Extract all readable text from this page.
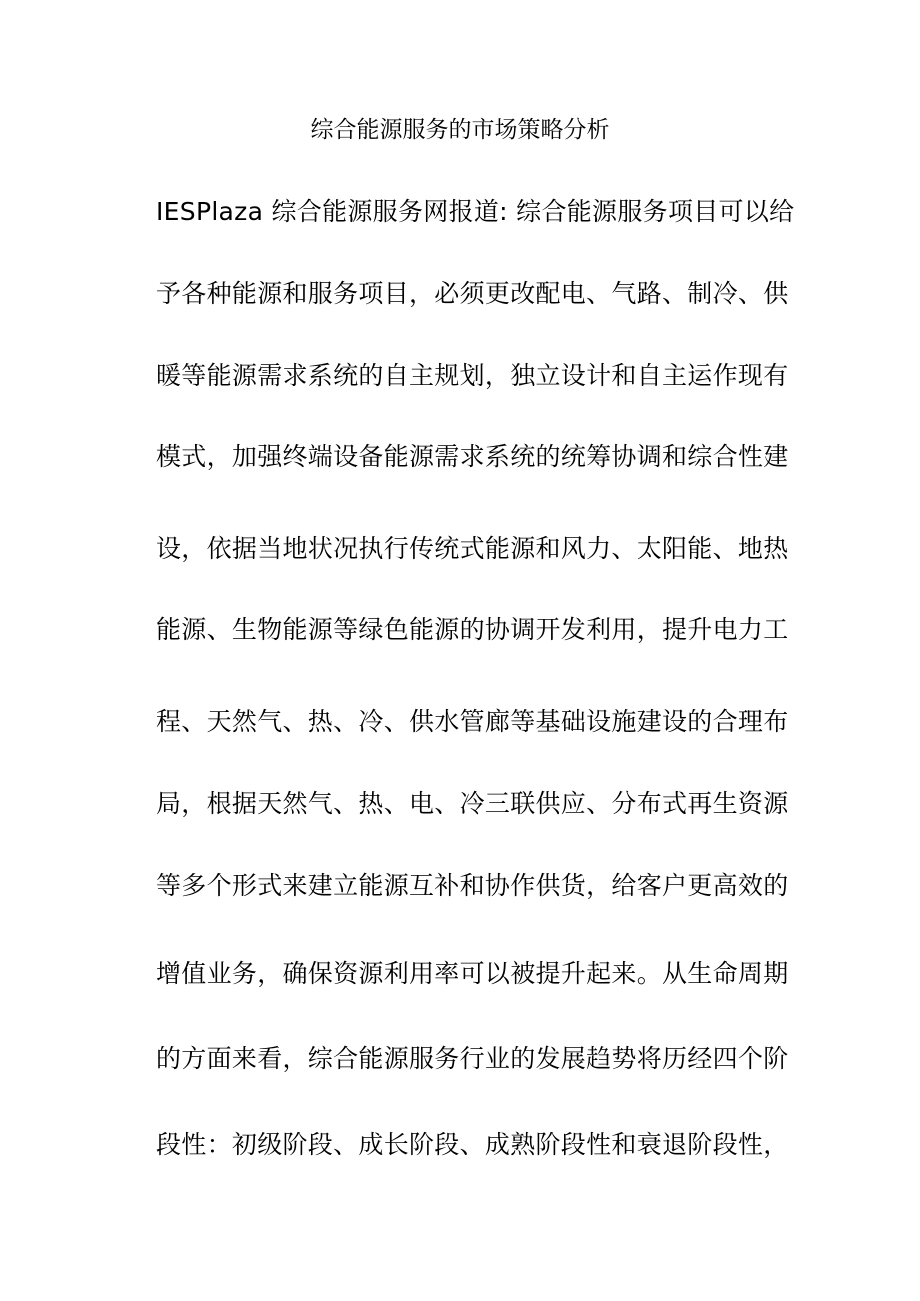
综合能源服务的市场策略分析
IESPlaza 综合能源服务网报道: 综合能源服务项目可以给
予各种能源和服务项目，必须更改配电、气路、制冷、供
暖等能源需求系统的自主规划，独立设计和自主运作现有
模式，加强终端设备能源需求系统的统筹协调和综合性建
设，依据当地状况执行传统式能源和风力、太阳能、地热
能源、生物能源等绿色能源的协调开发利用，提升电力工
程、天然气、热、冷、供水管廊等基础设施建设的合理布
局，根据天然气、热、电、冷三联供应、分布式再生资源
等多个形式来建立能源互补和协作供货，给客户更高效的
增值业务，确保资源利用率可以被提升起来。从生命周期
的方面来看，综合能源服务行业的发展趋势将历经四个阶
段性：初级阶段、成长阶段、成熟阶段性和衰退阶段性，
